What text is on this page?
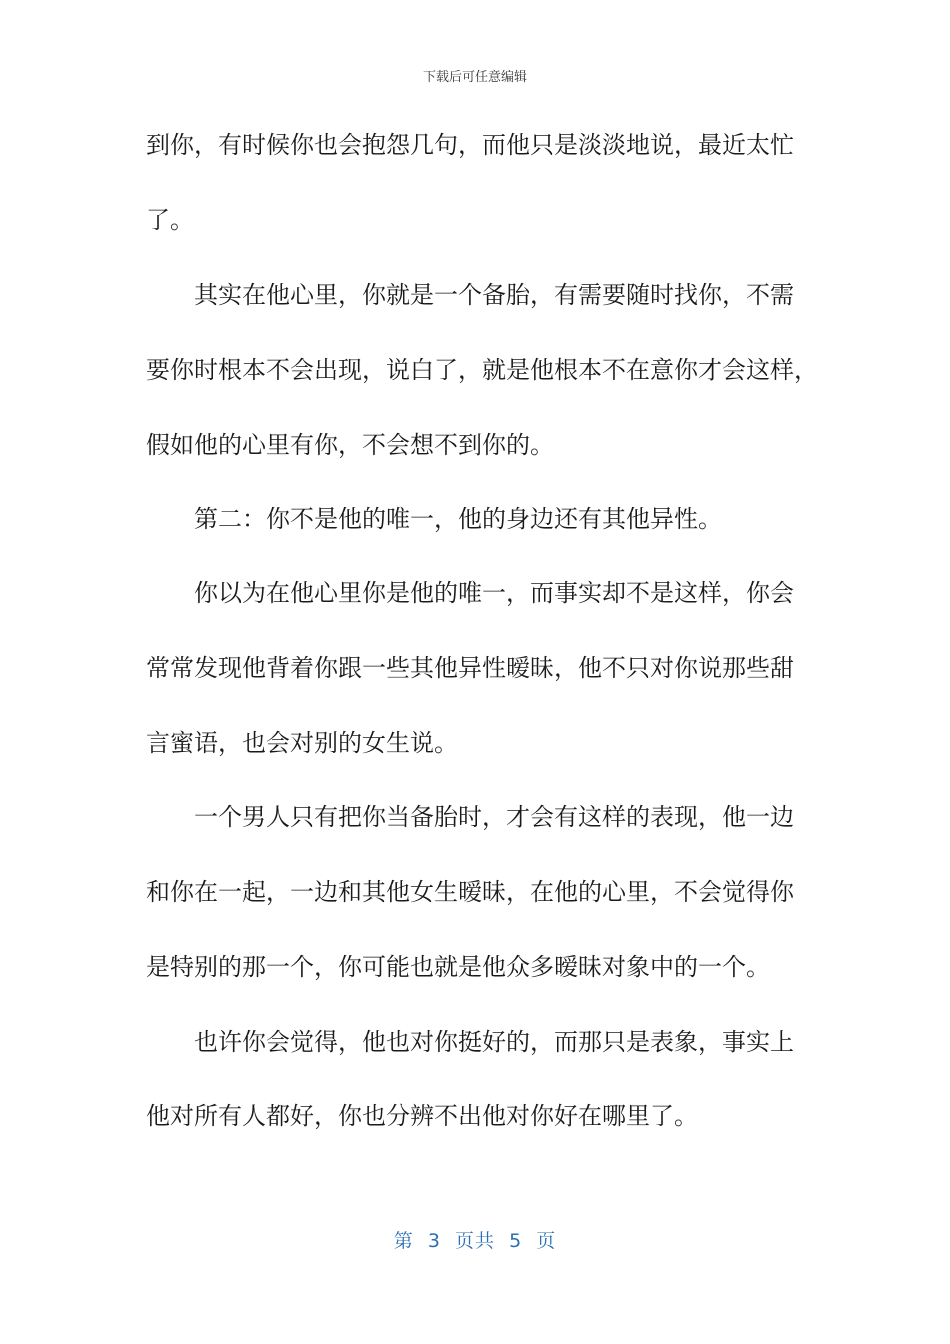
下载后可任意编辑
到你，有时候你也会抱怨几句，而他只是淡淡地说，最近太忙
了。
其实在他心里，你就是一个备胎，有需要随时找你，不需
要你时根本不会出现，说白了，就是他根本不在意你才会这样，
假如他的心里有你，不会想不到你的。
第二：你不是他的唯一，他的身边还有其他异性。
你以为在他心里你是他的唯一，而事实却不是这样，你会
常常发现他背着你跟一些其他异性暧昧，他不只对你说那些甜
言蜜语，也会对别的女生说。
一个男人只有把你当备胎时，才会有这样的表现，他一边
和你在一起，一边和其他女生暧昧，在他的心里，不会觉得你
是特别的那一个，你可能也就是他众多暧昧对象中的一个。
也许你会觉得，他也对你挺好的，而那只是表象，事实上
他对所有人都好，你也分辨不出他对你好在哪里了。
第  3  页共  5  页
